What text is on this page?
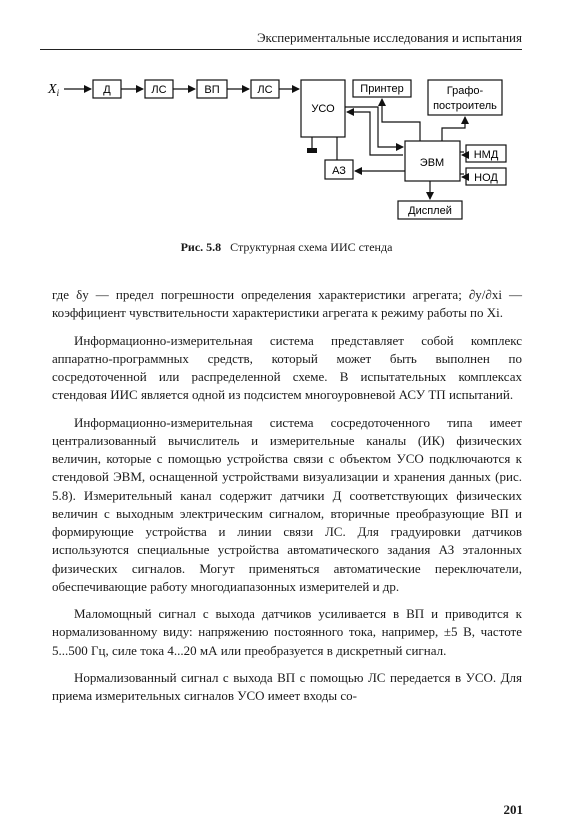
Экспериментальные исследования и испытания
$X_i$	Д	ЛС	ВП	ЛС
УСО
Принтер	Графо-
построитель
ЭВМ
АЗ
НМД
НОД
Дисплей
Рис. 5.8 Структурная схема ИИС стенда

где δy — предел погрешности определения характеристики агрегата; ∂y/∂xi — коэффициент чувствительности характеристики агрегата к режиму работы по Xi.

Информационно-измерительная система представляет собой комплекс аппаратно-программных средств, который может быть выполнен по сосредоточенной или распределенной схеме. В испытательных комплексах стендовая ИИС является одной из подсистем многоуровневой АСУ ТП испытаний.

Информационно-измерительная система сосредоточенного типа имеет централизованный вычислитель и измерительные каналы (ИК) физических величин, которые с помощью устройства связи с объектом УСО подключаются к стендовой ЭВМ, оснащенной устройствами визуализации и хранения данных (рис. 5.8). Измерительный канал содержит датчики Д соответствующих физических величин с выходным электрическим сигналом, вторичные преобразующие ВП и формирующие устройства и линии связи ЛС. Для градуировки датчиков используются специальные устройства автоматического задания АЗ эталонных физических сигналов. Могут применяться автоматические переключатели, обеспечивающие работу многодиапазонных измерителей и др.

Маломощный сигнал с выхода датчиков усиливается в ВП и приводится к нормализованному виду: напряжению постоянного тока, например, ±5 В, частоте 5...500 Гц, силе тока 4...20 мА или преобразуется в дискретный сигнал.

Нормализованный сигнал с выхода ВП с помощью ЛС передается в УСО. Для приема измерительных сигналов УСО имеет входы со-

201
